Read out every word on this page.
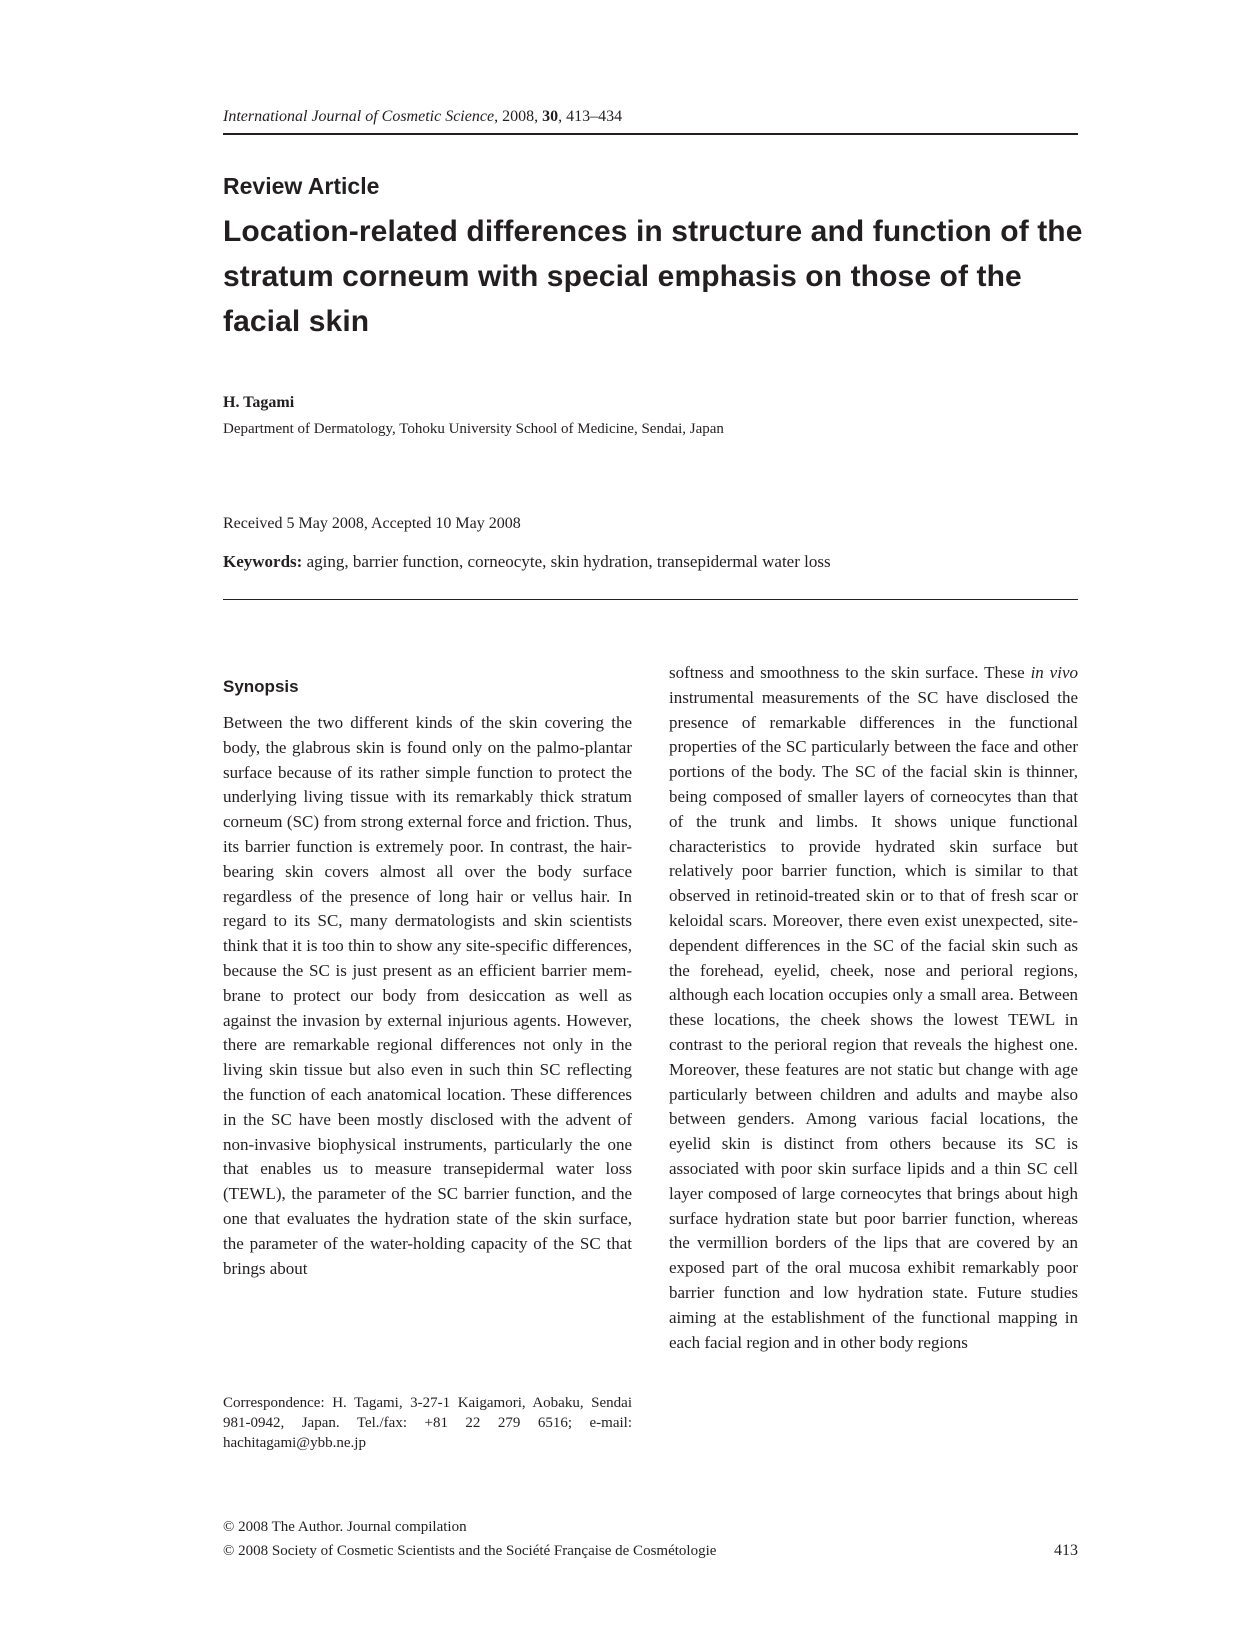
International Journal of Cosmetic Science, 2008, 30, 413–434
Review Article
Location-related differences in structure and function of the stratum corneum with special emphasis on those of the facial skin
H. Tagami
Department of Dermatology, Tohoku University School of Medicine, Sendai, Japan
Received 5 May 2008, Accepted 10 May 2008
Keywords: aging, barrier function, corneocyte, skin hydration, transepidermal water loss
Synopsis

Between the two different kinds of the skin covering the body, the glabrous skin is found only on the palmo-plantar surface because of its rather simple function to protect the underlying living tissue with its remarkably thick stratum corneum (SC) from strong external force and friction. Thus, its barrier function is extremely poor. In contrast, the hair-bearing skin covers almost all over the body surface regardless of the presence of long hair or vellus hair. In regard to its SC, many dermatologists and skin scientists think that it is too thin to show any site-specific differences, because the SC is just present as an efficient barrier membrane to protect our body from desiccation as well as against the invasion by external injurious agents. However, there are remarkable regional differences not only in the living skin tissue but also even in such thin SC reflecting the function of each anatomical location. These differences in the SC have been mostly disclosed with the advent of non-invasive biophysical instruments, particularly the one that enables us to measure transepidermal water loss (TEWL), the parameter of the SC barrier function, and the one that evaluates the hydration state of the skin surface, the parameter of the water-holding capacity of the SC that brings about

softness and smoothness to the skin surface. These in vivo instrumental measurements of the SC have disclosed the presence of remarkable differences in the functional properties of the SC particularly between the face and other portions of the body. The SC of the facial skin is thinner, being composed of smaller layers of corneocytes than that of the trunk and limbs. It shows unique functional characteristics to provide hydrated skin surface but relatively poor barrier function, which is similar to that observed in retinoid-treated skin or to that of fresh scar or keloidal scars. Moreover, there even exist unexpected, site-dependent differences in the SC of the facial skin such as the forehead, eyelid, cheek, nose and perioral regions, although each location occupies only a small area. Between these locations, the cheek shows the lowest TEWL in contrast to the perioral region that reveals the highest one. Moreover, these features are not static but change with age particularly between children and adults and maybe also between genders. Among various facial locations, the eyelid skin is distinct from others because its SC is associated with poor skin surface lipids and a thin SC cell layer composed of large corneocytes that brings about high surface hydration state but poor barrier function, whereas the vermillion borders of the lips that are covered by an exposed part of the oral mucosa exhibit remarkably poor barrier function and low hydration state. Future studies aiming at the establishment of the functional mapping in each facial region and in other body regions

Correspondence: H. Tagami, 3-27-1 Kaigamori, Aobaku, Sendai 981-0942, Japan. Tel./fax: +81 22 279 6516; e-mail: hachitagami@ybb.ne.jp
© 2008 The Author. Journal compilation
© 2008 Society of Cosmetic Scientists and the Société Française de Cosmétologie	413
